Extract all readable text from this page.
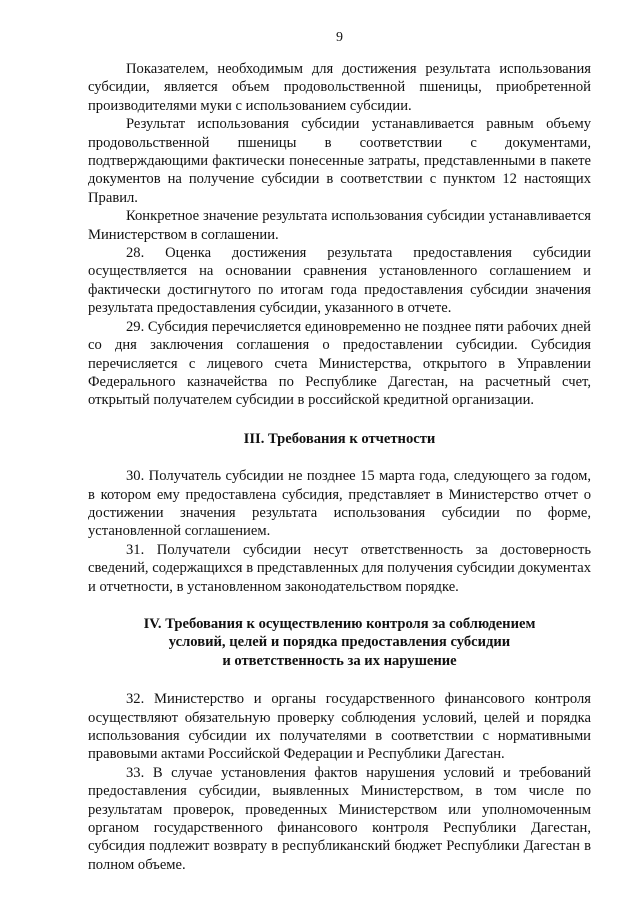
9

Показателем, необходимым для достижения результата использования субсидии, является объем продовольственной пшеницы, приобретенной производителями муки с использованием субсидии.

Результат использования субсидии устанавливается равным объему продовольственной пшеницы в соответствии с документами, подтверждающими фактически понесенные затраты, представленными в пакете документов на получение субсидии в соответствии с пунктом 12 настоящих Правил.

Конкретное значение результата использования субсидии устанавливается Министерством в соглашении.

28. Оценка достижения результата предоставления субсидии осуществляется на основании сравнения установленного соглашением и фактически достигнутого по итогам года предоставления субсидии значения результата предоставления субсидии, указанного в отчете.

29. Субсидия перечисляется единовременно не позднее пяти рабочих дней со дня заключения соглашения о предоставлении субсидии. Субсидия перечисляется с лицевого счета Министерства, открытого в Управлении Федерального казначейства по Республике Дагестан, на расчетный счет, открытый получателем субсидии в российской кредитной организации.

III. Требования к отчетности

30. Получатель субсидии не позднее 15 марта года, следующего за годом, в котором ему предоставлена субсидия, представляет в Министерство отчет о достижении значения результата использования субсидии по форме, установленной соглашением.

31. Получатели субсидии несут ответственность за достоверность сведений, содержащихся в представленных для получения субсидии документах и отчетности, в установленном законодательством порядке.

IV. Требования к осуществлению контроля за соблюдением
условий, целей и порядка предоставления субсидии
и ответственность за их нарушение

32. Министерство и органы государственного финансового контроля осуществляют обязательную проверку соблюдения условий, целей и порядка использования субсидии их получателями в соответствии с нормативными правовыми актами Российской Федерации и Республики Дагестан.

33. В случае установления фактов нарушения условий и требований предоставления субсидии, выявленных Министерством, в том числе по результатам проверок, проведенных Министерством или уполномоченным органом государственного финансового контроля Республики Дагестан, субсидия подлежит возврату в республиканский бюджет Республики Дагестан в полном объеме.
